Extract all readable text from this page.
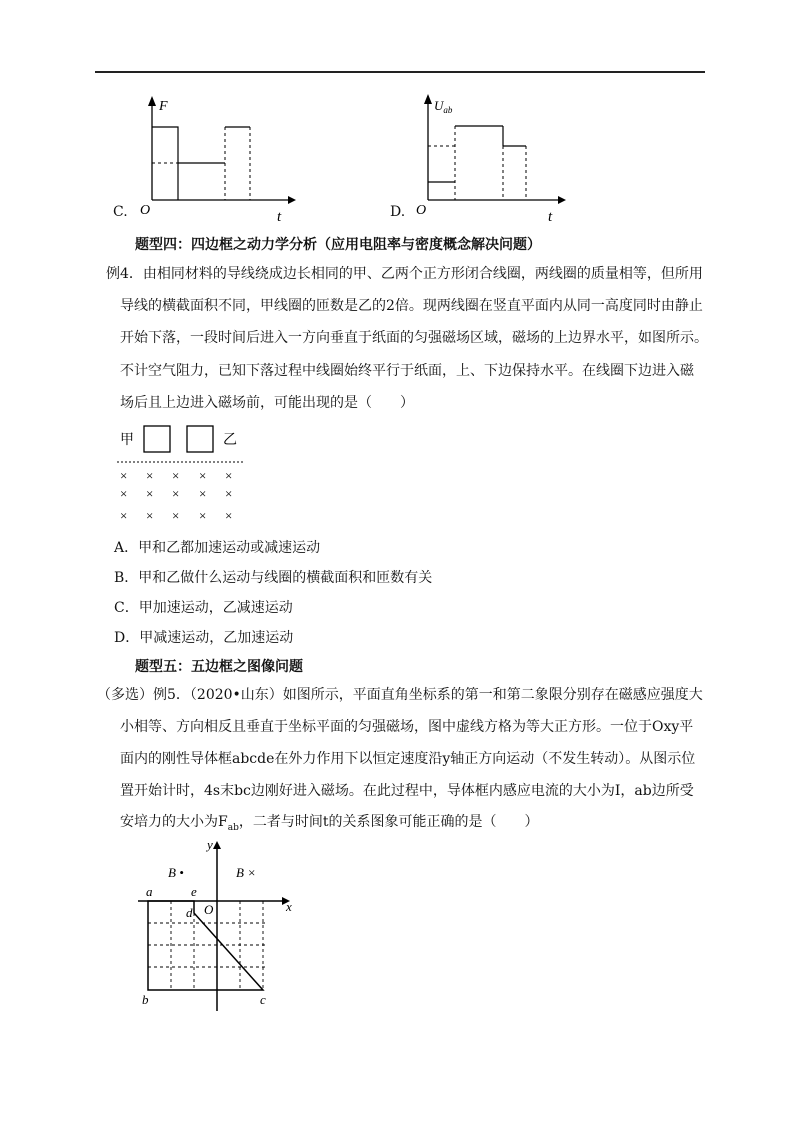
C.
F
O	t	D.
$U_{ab}$
O	t
题型四：四边框之动力学分析（应用电阻率与密度概念解决问题）
例4．由相同材料的导线绕成边长相同的甲、乙两个正方形闭合线圈，两线圈的质量相等，但所用
导线的横截面积不同，甲线圈的匝数是乙的2倍。现两线圈在竖直平面内从同一高度同时由静止
开始下落，一段时间后进入一方向垂直于纸面的匀强磁场区域，磁场的上边界水平，如图所示。
不计空气阻力，已知下落过程中线圈始终平行于纸面，上、下边保持水平。在线圈下边进入磁
场后且上边进入磁场前，可能出现的是（　　）
甲	乙
× × × × ×
× × × × ×
× × × × ×
A．甲和乙都加速运动或减速运动
B．甲和乙做什么运动与线圈的横截面积和匝数有关
C．甲加速运动，乙减速运动
D．甲减速运动，乙加速运动
题型五：五边框之图像问题
（多选）例5．（2020•山东）如图所示，平面直角坐标系的第一和第二象限分别存在磁感应强度大
小相等、方向相反且垂直于坐标平面的匀强磁场，图中虚线方格为等大正方形。一位于Oxy平
面内的刚性导体框abcde在外力作用下以恒定速度沿y轴正方向运动（不发生转动）。从图示位
置开始计时，4s末bc边刚好进入磁场。在此过程中，导体框内感应电流的大小为I，ab边所受
安培力的大小为$F_{ab}$，二者与时间t的关系图象可能正确的是（　　）
y
x
O
B •	B ×
a	e
d
b	c
